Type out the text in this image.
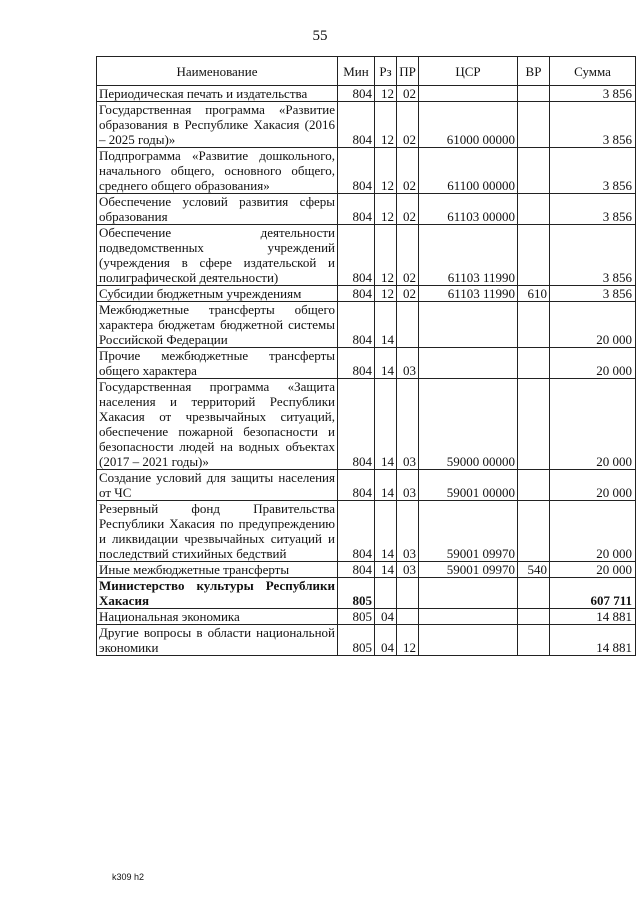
55
Наименование	Мин	Рз	ПР	ЦСР	ВР	Сумма
Периодическая печать и издательства	804	12	02			3 856
Государственная программа «Развитие образования в Республике Хакасия (2016 – 2025 годы)»	804	12	02	61000 00000		3 856
Подпрограмма «Развитие дошкольного, начального общего, основного общего, среднего общего образования»	804	12	02	61100 00000		3 856
Обеспечение условий развития сферы образования	804	12	02	61103 00000		3 856
Обеспечение деятельности подведомственных учреждений (учреждения в сфере издательской и полиграфической деятельности)	804	12	02	61103 11990		3 856
Субсидии бюджетным учреждениям	804	12	02	61103 11990	610	3 856
Межбюджетные трансферты общего характера бюджетам бюджетной системы Российской Федерации	804	14				20 000
Прочие межбюджетные трансферты общего характера	804	14	03			20 000
Государственная программа «Защита населения и территорий Республики Хакасия от чрезвычайных ситуаций, обеспечение пожарной безопасности и безопасности людей на водных объектах (2017 – 2021 годы)»	804	14	03	59000 00000		20 000
Создание условий для защиты населения от ЧС	804	14	03	59001 00000		20 000
Резервный фонд Правительства Республики Хакасия по предупреждению и ликвидации чрезвычайных ситуаций и последствий стихийных бедствий	804	14	03	59001 09970		20 000
Иные межбюджетные трансферты	804	14	03	59001 09970	540	20 000
Министерство культуры Республики Хакасия	805					607 711
Национальная экономика	805	04				14 881
Другие вопросы в области национальной экономики	805	04	12			14 881
k309 h2
